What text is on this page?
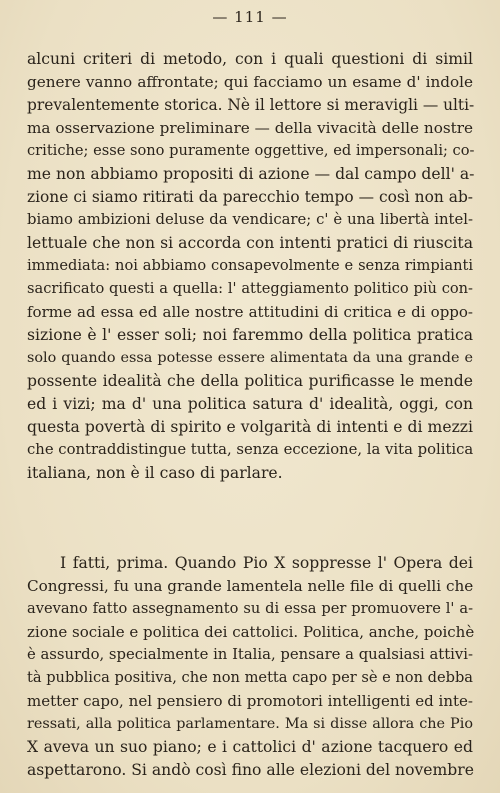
— 111 —
alcuni criteri di metodo, con i quali questioni di simil
genere vanno affrontate; qui facciamo un esame d' indole
prevalentemente storica. Nè il lettore si meravigli — ulti-
ma osservazione preliminare — della vivacità delle nostre
critiche; esse sono puramente oggettive, ed impersonali; co-
me non abbiamo propositi di azione — dal campo dell' a-
zione ci siamo ritirati da parecchio tempo — così non ab-
biamo ambizioni deluse da vendicare; c' è una libertà intel-
lettuale che non si accorda con intenti pratici di riuscita
immediata: noi abbiamo consapevolmente e senza rimpianti
sacrificato questi a quella: l' atteggiamento politico più con-
forme ad essa ed alle nostre attitudini di critica e di oppo-
sizione è l' esser soli; noi faremmo della politica pratica
solo quando essa potesse essere alimentata da una grande e
possente idealità che della politica purificasse le mende
ed i vizi; ma d' una politica satura d' idealità, oggi, con
questa povertà di spirito e volgarità di intenti e di mezzi
che contraddistingue tutta, senza eccezione, la vita politica
italiana, non è il caso di parlare.
I fatti, prima. Quando Pio X soppresse l' Opera dei
Congressi, fu una grande lamentela nelle file di quelli che
avevano fatto assegnamento su di essa per promuovere l' a-
zione sociale e politica dei cattolici. Politica, anche, poichè
è assurdo, specialmente in Italia, pensare a qualsiasi attivi-
tà pubblica positiva, che non metta capo per sè e non debba
metter capo, nel pensiero di promotori intelligenti ed inte-
ressati, alla politica parlamentare. Ma si disse allora che Pio
X aveva un suo piano; e i cattolici d' azione tacquero ed
aspettarono. Si andò così fino alle elezioni del novembre
